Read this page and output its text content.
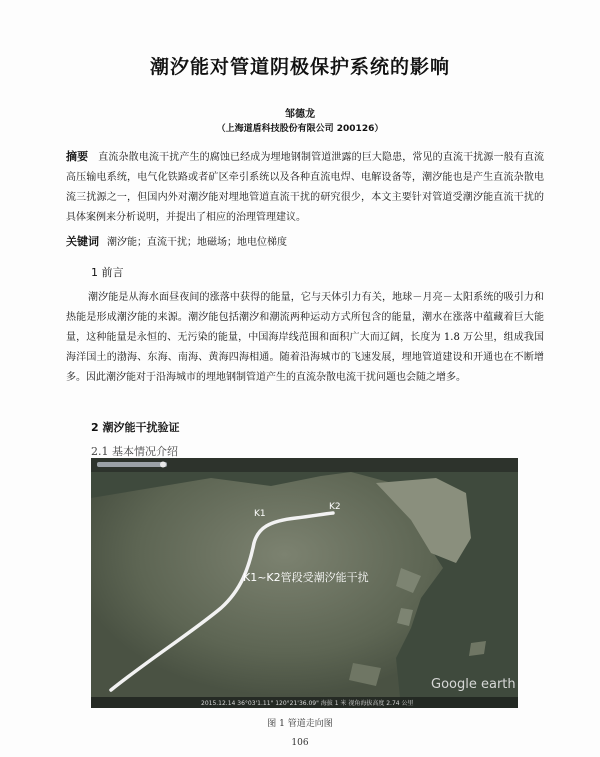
潮汐能对管道阴极保护系统的影响
邹德龙
（上海道盾科技股份有限公司 200126）
摘要 直流杂散电流干扰产生的腐蚀已经成为埋地钢制管道泄露的巨大隐患，常见的直流干扰源一般有直流高压输电系统，电气化铁路或者矿区牵引系统以及各种直流电焊、电解设备等，潮汐能也是产生直流杂散电流三扰源之一，但国内外对潮汐能对埋地管道直流干扰的研究很少，本文主要针对管道受潮汐能直流干扰的具体案例来分析说明，并提出了相应的治理管理建议。
关键词 潮汐能；直流干扰；地磁场；地电位梯度
1 前言
潮汐能是从海水面昼夜间的涨落中获得的能量，它与天体引力有关，地球－月亮－太阳系统的吸引力和热能是形成潮汐能的来源。潮汐能包括潮汐和潮流两种运动方式所包含的能量，潮水在涨落中蕴藏着巨大能量，这种能量是永恒的、无污染的能量，中国海岸线范围和面积广大而辽阔，长度为 1.8 万公里，组成我国海洋国土的渤海、东海、南海、黄海四海相通。随着沿海城市的飞速发展，埋地管道建设和开通也在不断增多。因此潮汐能对于沿海城市的埋地钢制管道产生的直流杂散电流干扰问题也会随之增多。
2 潮汐能干扰验证
2.1 基本情况介绍
K1
K2
K1~K2管段受潮汐能干扰
Google earth
2015.12.14 36°03'1.11" 120°21'36.09" 海拔 1 米 视角海拔高度 2.74 公里
图 1 管道走向图
106
